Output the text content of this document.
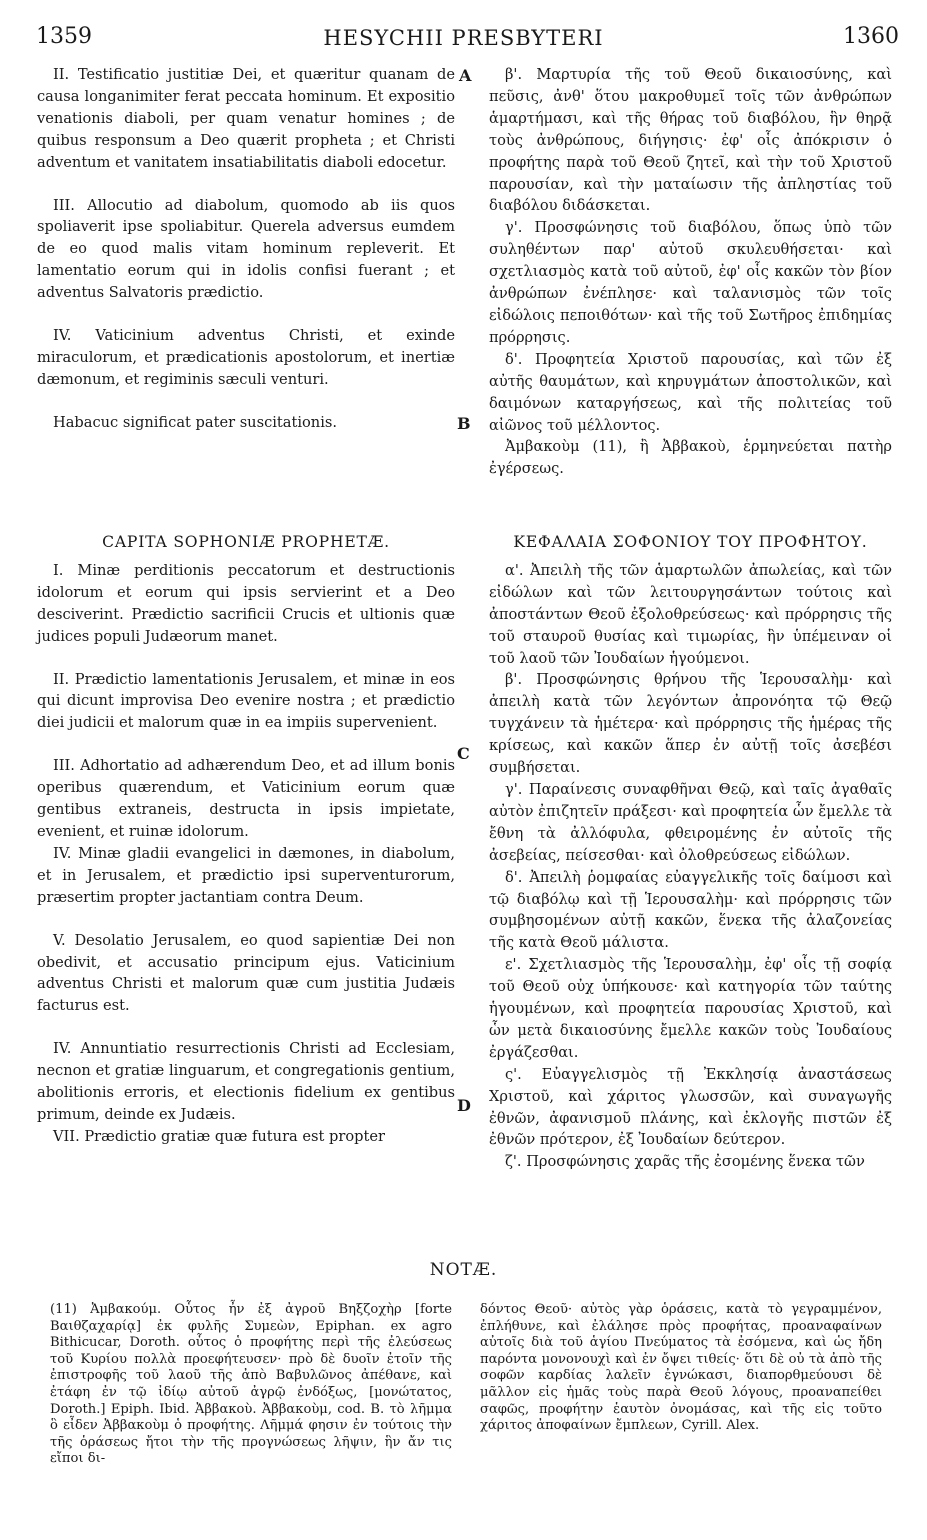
1359	HESYCHII PRESBYTERI	1360
A
B
C
D

II. Testificatio justitiæ Dei, et quæritur quanam de causa longanimiter ferat peccata hominum. Et expositio venationis diaboli, per quam venatur homines ; de quibus responsum a Deo quærit propheta ; et Christi adventum et vanitatem insatiabilitatis diaboli edocetur.

III. Allocutio ad diabolum, quomodo ab iis quos spoliaverit ipse spoliabitur. Querela adversus eumdem de eo quod malis vitam hominum repleverit. Et lamentatio eorum qui in idolis confisi fuerant ; et adventus Salvatoris prædictio.

IV. Vaticinium adventus Christi, et exinde miraculorum, et prædicationis apostolorum, et inertiæ dæmonum, et regiminis sæculi venturi.

Habacuc significat pater suscitationis.

CAPITA SOPHONIÆ PROPHETÆ.

I. Minæ perditionis peccatorum et destructionis idolorum et eorum qui ipsis servierint et a Deo desciverint. Prædictio sacrificii Crucis et ultionis quæ judices populi Judæorum manet.

II. Prædictio lamentationis Jerusalem, et minæ in eos qui dicunt improvisa Deo evenire nostra ; et prædictio diei judicii et malorum quæ in ea impiis supervenient.

III. Adhortatio ad adhærendum Deo, et ad illum bonis operibus quærendum, et Vaticinium eorum quæ gentibus extraneis, destructa in ipsis impietate, evenient, et ruinæ idolorum.

IV. Minæ gladii evangelici in dæmones, in diabolum, et in Jerusalem, et prædictio ipsi superventurorum, præsertim propter jactantiam contra Deum.

V. Desolatio Jerusalem, eo quod sapientiæ Dei non obedivit, et accusatio principum ejus. Vaticinium adventus Christi et malorum quæ cum justitia Judæis facturus est.

IV. Annuntiatio resurrectionis Christi ad Ecclesiam, necnon et gratiæ linguarum, et congregationis gentium, abolitionis erroris, et electionis fidelium ex gentibus primum, deinde ex Judæis.

VII. Prædictio gratiæ quæ futura est propter

β'. Μαρτυρία τῆς τοῦ Θεοῦ δικαιοσύνης, καὶ πεῦσις, ἀνθ' ὅτου μακροθυμεῖ τοῖς τῶν ἀνθρώπων ἁμαρτήμασι, καὶ τῆς θήρας τοῦ διαβόλου, ἣν θηρᾷ τοὺς ἀνθρώπους, διήγησις· ἐφ' οἷς ἀπόκρισιν ὁ προφήτης παρὰ τοῦ Θεοῦ ζητεῖ, καὶ τὴν τοῦ Χριστοῦ παρουσίαν, καὶ τὴν ματαίωσιν τῆς ἀπληστίας τοῦ διαβόλου διδάσκεται.

γ'. Προσφώνησις τοῦ διαβόλου, ὅπως ὑπὸ τῶν συληθέντων παρ' αὐτοῦ σκυλευθήσεται· καὶ σχετλιασμὸς κατὰ τοῦ αὐτοῦ, ἐφ' οἷς κακῶν τὸν βίον ἀνθρώπων ἐνέπλησε· καὶ ταλανισμὸς τῶν τοῖς εἰδώλοις πεποιθότων· καὶ τῆς τοῦ Σωτῆρος ἐπιδημίας πρόρρησις.

δ'. Προφητεία Χριστοῦ παρουσίας, καὶ τῶν ἐξ αὐτῆς θαυμάτων, καὶ κηρυγμάτων ἀποστολικῶν, καὶ δαιμόνων καταργήσεως, καὶ τῆς πολιτείας τοῦ αἰῶνος τοῦ μέλλοντος.

Ἀμβακοὺμ (11), ἢ Ἀββακοὺ, ἑρμηνεύεται πατὴρ ἐγέρσεως.

ΚΕΦΑΛΑΙΑ ΣΟΦΟΝΙΟΥ ΤΟΥ ΠΡΟΦΗΤΟΥ.

α'. Ἀπειλὴ τῆς τῶν ἁμαρτωλῶν ἀπωλείας, καὶ τῶν εἰδώλων καὶ τῶν λειτουργησάντων τούτοις καὶ ἀποστάντων Θεοῦ ἐξολοθρεύσεως· καὶ πρόρρησις τῆς τοῦ σταυροῦ θυσίας καὶ τιμωρίας, ἣν ὑπέμειναν οἱ τοῦ λαοῦ τῶν Ἰουδαίων ἡγούμενοι.

β'. Προσφώνησις θρήνου τῆς Ἱερουσαλὴμ· καὶ ἀπειλὴ κατὰ τῶν λεγόντων ἀπρονόητα τῷ Θεῷ τυγχάνειν τὰ ἡμέτερα· καὶ πρόρρησις τῆς ἡμέρας τῆς κρίσεως, καὶ κακῶν ἅπερ ἐν αὐτῇ τοῖς ἀσεβέσι συμβήσεται.

γ'. Παραίνεσις συναφθῆναι Θεῷ, καὶ ταῖς ἀγαθαῖς αὐτὸν ἐπιζητεῖν πράξεσι· καὶ προφητεία ὧν ἔμελλε τὰ ἔθνη τὰ ἀλλόφυλα, φθειρομένης ἐν αὐτοῖς τῆς ἀσεβείας, πείσεσθαι· καὶ ὀλοθρεύσεως εἰδώλων.

δ'. Ἀπειλὴ ῥομφαίας εὐαγγελικῆς τοῖς δαίμοσι καὶ τῷ διαβόλῳ καὶ τῇ Ἱερουσαλὴμ· καὶ πρόρρησις τῶν συμβησομένων αὐτῇ κακῶν, ἕνεκα τῆς ἀλαζονείας τῆς κατὰ Θεοῦ μάλιστα.

ε'. Σχετλιασμὸς τῆς Ἱερουσαλὴμ, ἐφ' οἷς τῇ σοφίᾳ τοῦ Θεοῦ οὐχ ὑπήκουσε· καὶ κατηγορία τῶν ταύτης ἡγουμένων, καὶ προφητεία παρουσίας Χριστοῦ, καὶ ὧν μετὰ δικαιοσύνης ἔμελλε κακῶν τοὺς Ἰουδαίους ἐργάζεσθαι.

ς'. Εὐαγγελισμὸς τῇ Ἐκκλησίᾳ ἀναστάσεως Χριστοῦ, καὶ χάριτος γλωσσῶν, καὶ συναγωγῆς ἐθνῶν, ἀφανισμοῦ πλάνης, καὶ ἐκλογῆς πιστῶν ἐξ ἐθνῶν πρότερον, ἐξ Ἰουδαίων δεύτερον.

ζ'. Προσφώνησις χαρᾶς τῆς ἐσομένης ἕνεκα τῶν

NOTÆ.

(11) Ἀμβακούμ. Οὗτος ἦν ἐξ ἀγροῦ Βηξζοχὴρ [forte Βαιθζαχαρίᾳ] ἐκ φυλῆς Συμεὼν, Epiphan. ex agro Bithicucar, Doroth. οὗτος ὁ προφήτης περὶ τῆς ἐλεύσεως τοῦ Κυρίου πολλὰ προεφήτευσεν· πρὸ δὲ δυοῖν ἐτοῖν τῆς ἐπιστροφῆς τοῦ λαοῦ τῆς ἀπὸ Βαβυλῶνος ἀπέθανε, καὶ ἐτάφη ἐν τῷ ἰδίῳ αὐτοῦ ἀγρῷ ἐνδόξως, [μονώτατος, Doroth.] Epiph. Ibid. Ἀββακοὺ. Ἀββακοὺμ, cod. B. τὸ λῆμμα ὃ εἶδεν Ἀββακοὺμ ὁ προφήτης. Λῆμμά φησιν ἐν τούτοις τὴν τῆς ὁράσεως ἤτοι τὴν τῆς προγνώσεως λῆψιν, ἣν ἄν τις εἴποι δι-

δόντος Θεοῦ· αὐτὸς γὰρ ὁράσεις, κατὰ τὸ γεγραμμένον, ἐπλήθυνε, καὶ ἐλάλησε πρὸς προφήτας, προαναφαίνων αὐτοῖς διὰ τοῦ ἁγίου Πνεύματος τὰ ἐσόμενα, καὶ ὡς ἤδη παρόντα μονονουχὶ καὶ ἐν ὄψει τιθείς· ὅτι δὲ οὐ τὰ ἀπὸ τῆς σοφῶν καρδίας λαλεῖν ἐγνώκασι, διαπορθμεύουσι δὲ μᾶλλον εἰς ἡμᾶς τοὺς παρὰ Θεοῦ λόγους, προαναπείθει σαφῶς, προφήτην ἑαυτὸν ὀνομάσας, καὶ τῆς εἰς τοῦτο χάριτος ἀποφαίνων ἔμπλεων, Cyrill. Alex.
